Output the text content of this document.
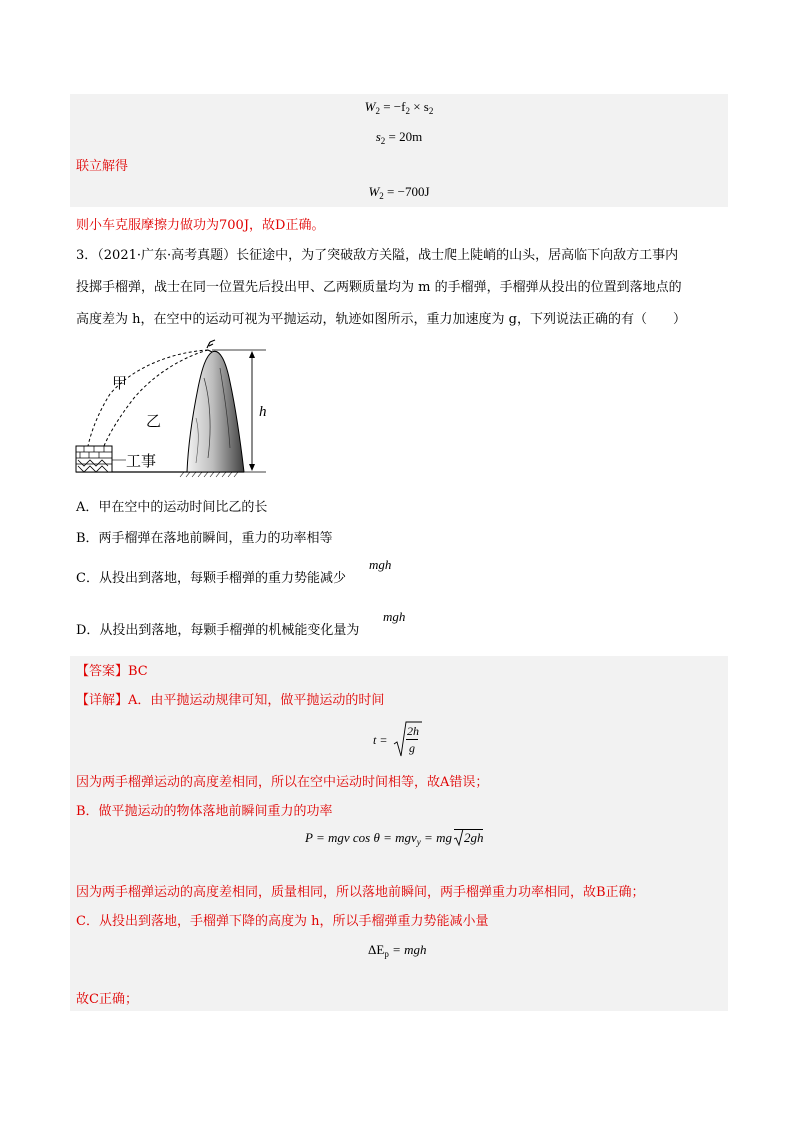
$W_2 = -f_2 \times s_2$
$s_2 = 20m$
联立解得
$W_2 = -700J$
则小车克服摩擦力做功为700J，故D正确。
3．（2021·广东·高考真题）长征途中，为了突破敌方关隘，战士爬上陡峭的山头，居高临下向敌方工事内
投掷手榴弹，战士在同一位置先后投出甲、乙两颗质量均为 m 的手榴弹，手榴弹从投出的位置到落地点的
高度差为 h，在空中的运动可视为平抛运动，轨迹如图所示，重力加速度为 g，下列说法正确的有（　　）
甲
乙	h
工事
A．甲在空中的运动时间比乙的长
B．两手榴弹在落地前瞬间，重力的功率相等
C．从投出到落地，每颗手榴弹的重力势能减少
mgh
D．从投出到落地，每颗手榴弹的机械能变化量为
mgh
【答案】BC
【详解】A．由平抛运动规律可知，做平抛运动的时间
t =
2h
g
因为两手榴弹运动的高度差相同，所以在空中运动时间相等，故A错误；
B．做平抛运动的物体落地前瞬间重力的功率
P = mgv cos θ = mgv$_y$ = mg 2gh
因为两手榴弹运动的高度差相同，质量相同，所以落地前瞬间，两手榴弹重力功率相同，故B正确；
C．从投出到落地，手榴弹下降的高度为 h，所以手榴弹重力势能减小量
$\Delta E_p$ = mgh
故C正确；
